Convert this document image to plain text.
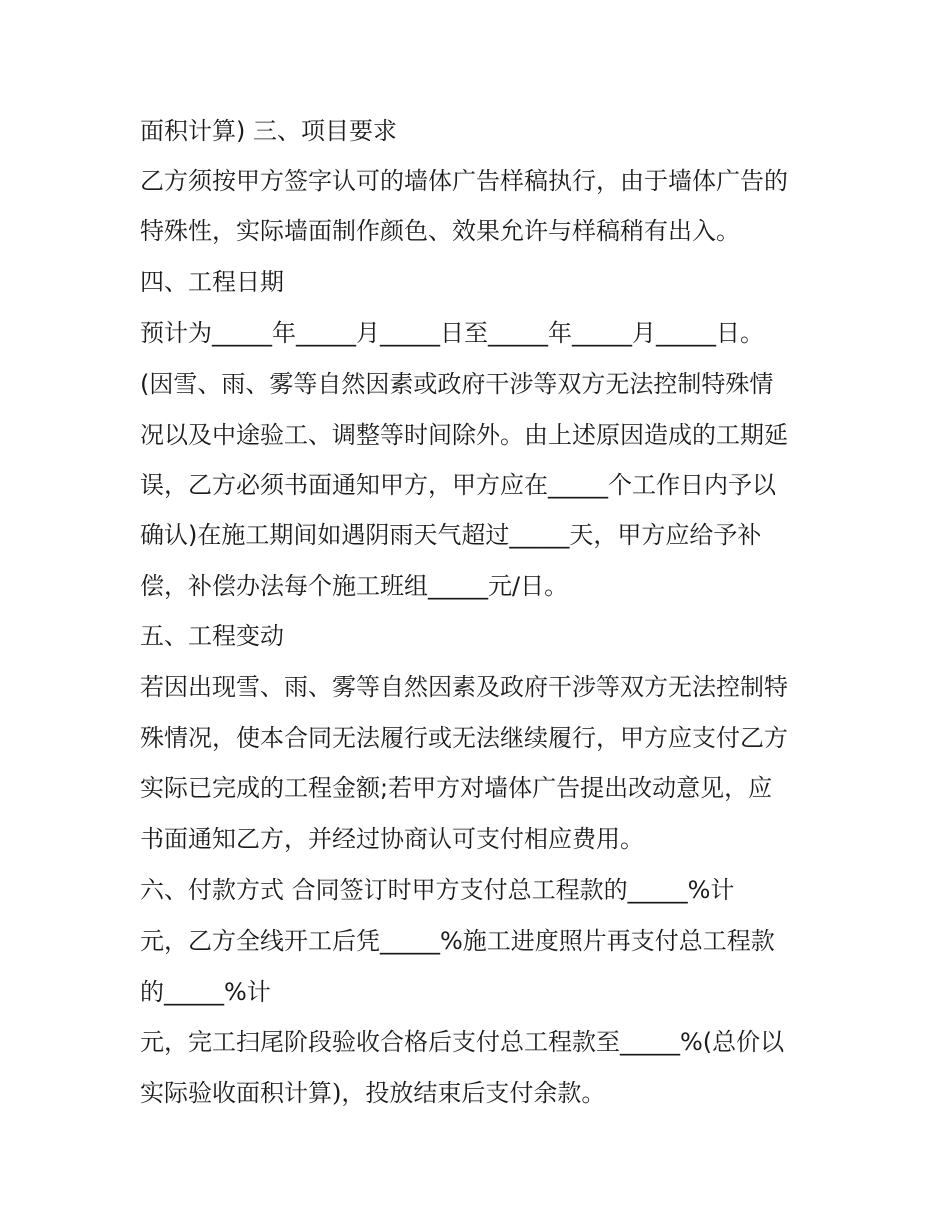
面积计算) 三、项目要求
乙方须按甲方签字认可的墙体广告样稿执行，由于墙体广告的
特殊性，实际墙面制作颜色、效果允许与样稿稍有出入。
四、工程日期
预计为_____年_____月_____日至_____年_____月_____日。
(因雪、雨、雾等自然因素或政府干涉等双方无法控制特殊情
况以及中途验工、调整等时间除外。由上述原因造成的工期延
误，乙方必须书面通知甲方，甲方应在_____个工作日内予以
确认)在施工期间如遇阴雨天气超过_____天，甲方应给予补
偿，补偿办法每个施工班组_____元/日。
五、工程变动
若因出现雪、雨、雾等自然因素及政府干涉等双方无法控制特
殊情况，使本合同无法履行或无法继续履行，甲方应支付乙方
实际已完成的工程金额;若甲方对墙体广告提出改动意见，应
书面通知乙方，并经过协商认可支付相应费用。
六、付款方式 合同签订时甲方支付总工程款的_____%计
元，乙方全线开工后凭_____%施工进度照片再支付总工程款
的_____%计
元，完工扫尾阶段验收合格后支付总工程款至_____%(总价以
实际验收面积计算)，投放结束后支付余款。
